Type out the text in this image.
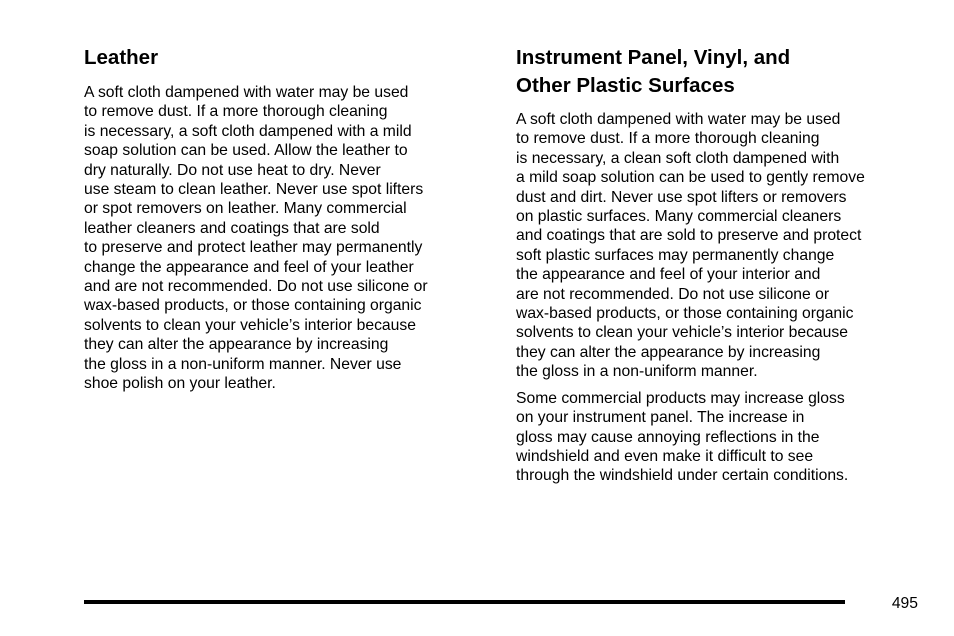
Leather
A soft cloth dampened with water may be used
to remove dust. If a more thorough cleaning
is necessary, a soft cloth dampened with a mild
soap solution can be used. Allow the leather to
dry naturally. Do not use heat to dry. Never
use steam to clean leather. Never use spot lifters
or spot removers on leather. Many commercial
leather cleaners and coatings that are sold
to preserve and protect leather may permanently
change the appearance and feel of your leather
and are not recommended. Do not use silicone or
wax-based products, or those containing organic
solvents to clean your vehicle’s interior because
they can alter the appearance by increasing
the gloss in a non-uniform manner. Never use
shoe polish on your leather.
Instrument Panel, Vinyl, and
Other Plastic Surfaces
A soft cloth dampened with water may be used
to remove dust. If a more thorough cleaning
is necessary, a clean soft cloth dampened with
a mild soap solution can be used to gently remove
dust and dirt. Never use spot lifters or removers
on plastic surfaces. Many commercial cleaners
and coatings that are sold to preserve and protect
soft plastic surfaces may permanently change
the appearance and feel of your interior and
are not recommended. Do not use silicone or
wax-based products, or those containing organic
solvents to clean your vehicle’s interior because
they can alter the appearance by increasing
the gloss in a non-uniform manner.
Some commercial products may increase gloss
on your instrument panel. The increase in
gloss may cause annoying reflections in the
windshield and even make it difficult to see
through the windshield under certain conditions.
495
